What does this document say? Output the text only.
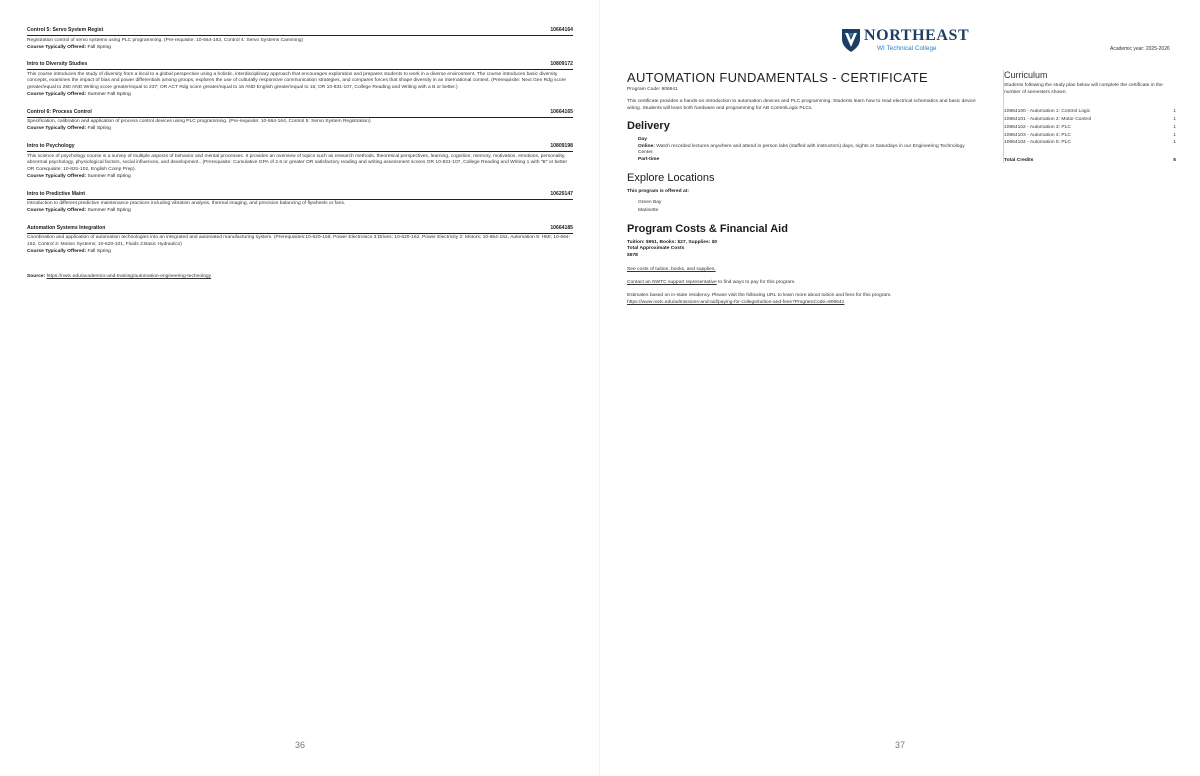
Control 5: Servo System Regist	10664164
Registration control of servo systems using PLC programming. (Pre-requisite: 10-664-163, Control 4: Servo Systems Camming)
Course Typically Offered: Fall Spring
Intro to Diversity Studies	10809172
This course introduces the study of diversity from a local to a global perspective using a holistic, interdisciplinary approach that encourages exploration and prepares students to work in a diverse environment. The course introduces basic diversity concepts, examines the impact of bias and power differentials among groups, explores the use of culturally responsive communication strategies, and compares forces that shape diversity in an international context. (Prerequisite: Next Gen Rdg score greater/equal to 250 AND Writing score greater/equal to 237; OR ACT Rdg score greater/equal to 16 AND English greater/equal to 15; OR 10-831-107, College Reading and Writing with a B or better.)
Course Typically Offered: Summer Fall Spring
Control 6: Process Control	10664165
Specification, calibration and application of process control devices using PLC programming. (Pre-requisite: 10-664-164, Control 5: Servo System Registration)
Course Typically Offered: Fall Spring
Intro to Psychology	10809198
This science of psychology course is a survey of multiple aspects of behavior and mental processes. It provides an overview of topics such as research methods, theoretical perspectives, learning, cognition, memory, motivation, emotions, personality, abnormal psychology, physiological factors, social influences, and development.. (Prerequisite: Cumulative GPA of 2.6 or greater OR satisfactory reading and writing assessment scores OR 10-831-107, College Reading and Writing 1 with "B" or better OR Corequisite: 10-831-102, English Comp Prep).
Course Typically Offered: Summer Fall Spring
Intro to Predictive Maint	10620147
Introduction to different predictive maintenance practices including vibration analysis, thermal imaging, and precision balancing of flywheels or fans.
Course Typically Offered: Summer Fall Spring
Automation Systems Integration	10664185
Coordination and application of automation technologies into an integrated and automated manufacturing system. (Prerequisites:10-620-159, Power Electronics 3:Drives; 10-620-162, Power Electricity 2: Motors; 10-664-152, Automation 9: HMI; 10-664-162, Control 3: Motion Systems; 10-620-101, Fluids 2:Basic Hydraulics)
Course Typically Offered: Fall Spring
Source: https://nwtc.edu/academics-and-training/automation-engineering-technology
36
NORTHEAST
WI Technical College	Academic year: 2025-2026
AUTOMATION FUNDAMENTALS - CERTIFICATE
Program Code: 906641
This certificate provides a hands-on introduction to automation devices and PLC programming. Students learn how to read electrical schematics and basic device wiring. Students will learn both hardware and programming for AB ControlLogix PLCs.
Delivery
Day
Online: Watch recorded lectures anywhere and attend in person labs (staffed with instructors) days, nights or Saturdays in our Engineering Technology Center.
Part-time
Explore Locations
This program is offered at:
Green Bay
Marinette
Program Costs & Financial Aid
Tuition: $951, Books: $27, Supplies: $0
Total Approximate Costs
$978
See costs of tuition, books, and supplies.
Contact an NWTC support representative to find ways to pay for this program.
Estimates based on in-state residency. Please visit the following URL to learn more about tuition and fees for this program.
https://www.nwtc.edu/admissions-and-aid/paying-for-college/tuition-and-fees?ProgramCode=906641
Curriculum
Students following the study plan below will complete the certificate in the number of semesters shown.
10664100 - Automation 1: Control Logic	1
10664101 - Automation 2: Motor Control	1
10664102 - Automation 3: PLC	1
10664103 - Automation 4: PLC	1
10664104 - Automation 5: PLC	1
Total Credits	5
37
